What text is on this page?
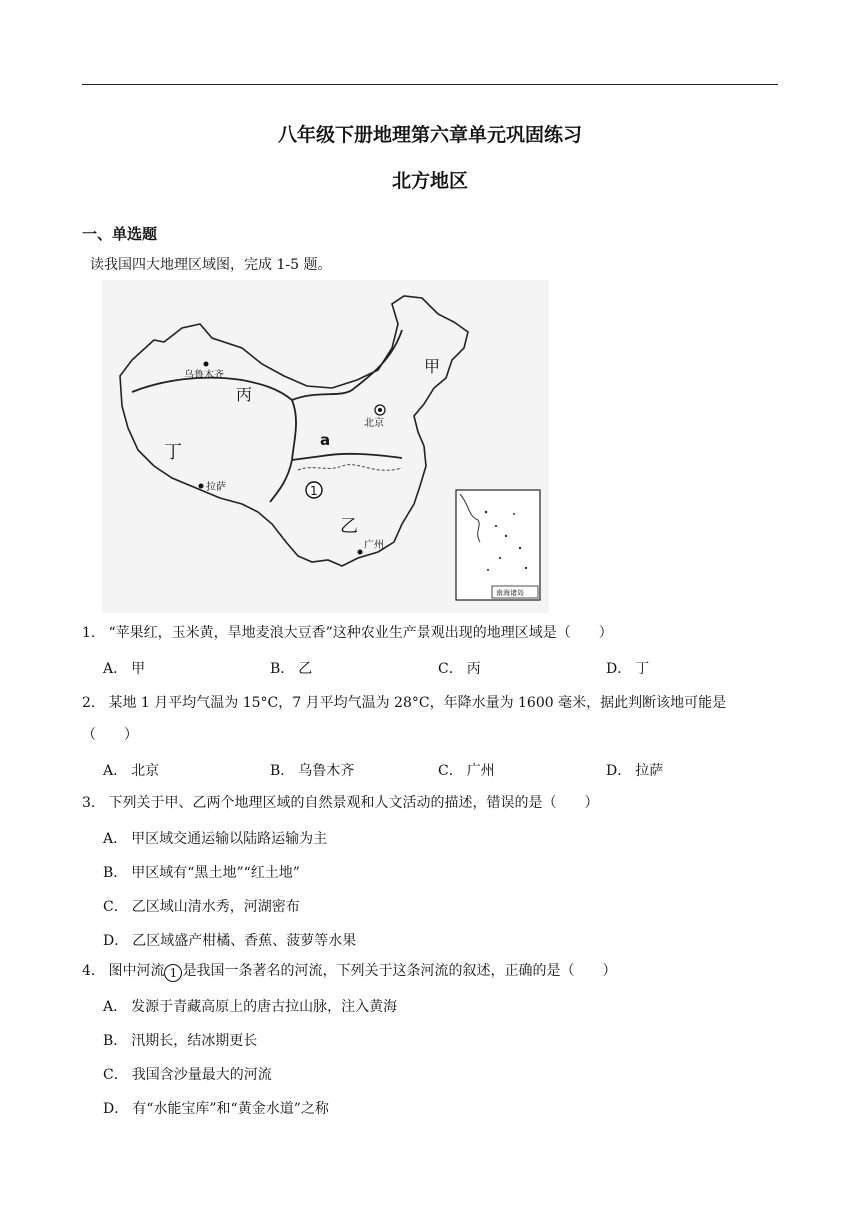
八年级下册地理第六章单元巩固练习
北方地区
一、单选题
读我国四大地理区域图，完成 1-5 题。
甲
丙
丁
乙
a
1
乌鲁木齐
北京
拉萨
广州
南海诸岛
1． “苹果红，玉米黄，旱地麦浪大豆香”这种农业生产景观出现的地理区域是（　　）
A． 甲	B． 乙	C． 丙	D． 丁
2． 某地 1 月平均气温为 15°C，7 月平均气温为 28°C，年降水量为 1600 毫米，据此判断该地可能是
（　　）
A． 北京	B． 乌鲁木齐	C． 广州	D． 拉萨
3． 下列关于甲、乙两个地理区域的自然景观和人文活动的描述，错误的是（　　）
A． 甲区域交通运输以陆路运输为主
B． 甲区域有“黑土地”“红土地”
C． 乙区域山清水秀，河湖密布
D． 乙区域盛产柑橘、香蕉、菠萝等水果
4． 图中河流 1 是我国一条著名的河流，下列关于这条河流的叙述，正确的是（　　）
A． 发源于青藏高原上的唐古拉山脉，注入黄海
B． 汛期长，结冰期更长
C． 我国含沙量最大的河流
D． 有“水能宝库”和“黄金水道”之称
